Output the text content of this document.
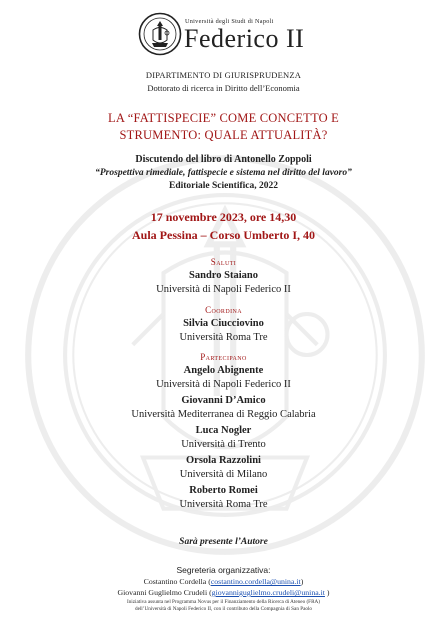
Università degli Studi di Napoli
Federico II
DIPARTIMENTO DI GIURISPRUDENZA
Dottorato di ricerca in Diritto dell’Economia
LA “FATTISPECIE” COME CONCETTO E
STRUMENTO: QUALE ATTUALITÀ?
Discutendo del libro di Antonello Zoppoli
“Prospettiva rimediale, fattispecie e sistema nel diritto del lavoro”
Editoriale Scientifica, 2022
17 novembre 2023, ore 14,30
Aula Pessina – Corso Umberto I, 40
Saluti
Sandro Staiano
Università di Napoli Federico II
Coordina
Silvia Ciucciovino
Università Roma Tre
Partecipano
Angelo Abignente
Università di Napoli Federico II
Giovanni D’Amico
Università Mediterranea di Reggio Calabria
Luca Nogler
Università di Trento
Orsola Razzolini
Università di Milano
Roberto Romei
Università Roma Tre
Sarà presente l’Autore
Segreteria organizzativa:
Costantino Cordella (costantino.cordella@unina.it)
Giovanni Guglielmo Crudeli (giovanniguglielmo.crudeli@unina.it )
Iniziativa assunta nel Programma Novus per il Finanziamento della Ricerca di Ateneo (FRA)
dell’Università di Napoli Federico II, con il contributo della Compagnia di San Paolo
